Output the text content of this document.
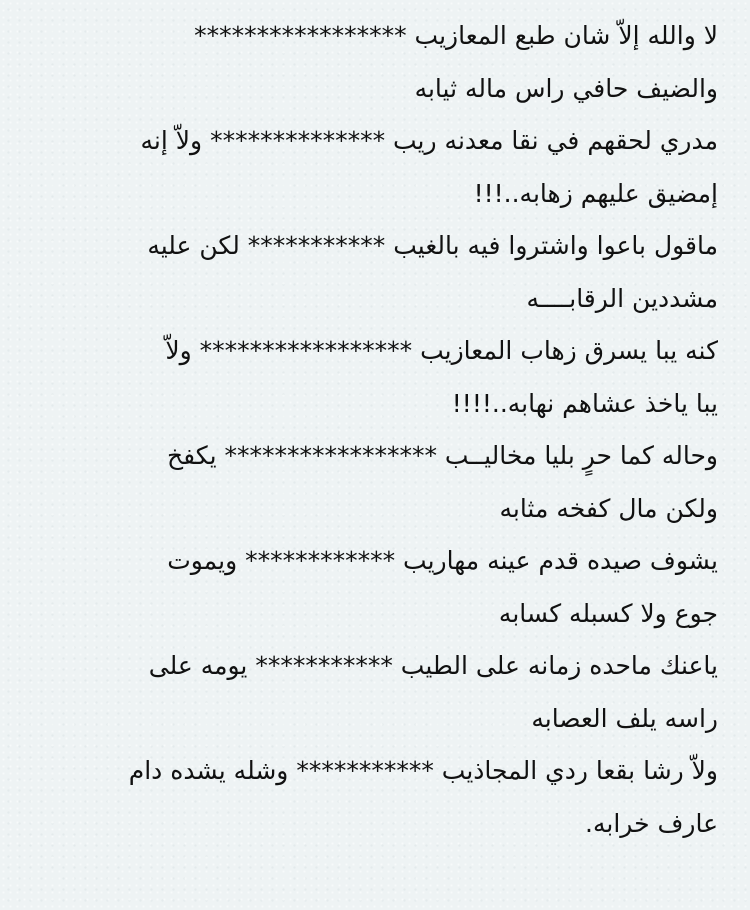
لا والله إلاّ شان طبع المعازيب *****************
والضيف حافي راس ماله ثيابه
مدري لحقهم في نقا معدنه ريب ************** ولاّ إنه
إمضيق عليهم زهابه..!!!
ماقول باعوا واشتروا فيه بالغيب *********** لكن عليه
مشددين الرقابــــه
كنه يبا يسرق زهاب المعازيب ***************** ولاّ
يبا ياخذ عشاهم نهابه..!!!!
وحاله كما حرٍ بليا مخاليــب ***************** يكفخ
ولكن مال كفخه مثابه
يشوف صيده قدم عينه مهاريب ************ ويموت
جوع ولا كسبله كسابه
ياعنك ماحده زمانه على الطيب *********** يومه على
راسه يلف العصابه
ولاّ رشا بقعا ردي المجاذيب *********** وشله يشده دام
عارف خرابه.
